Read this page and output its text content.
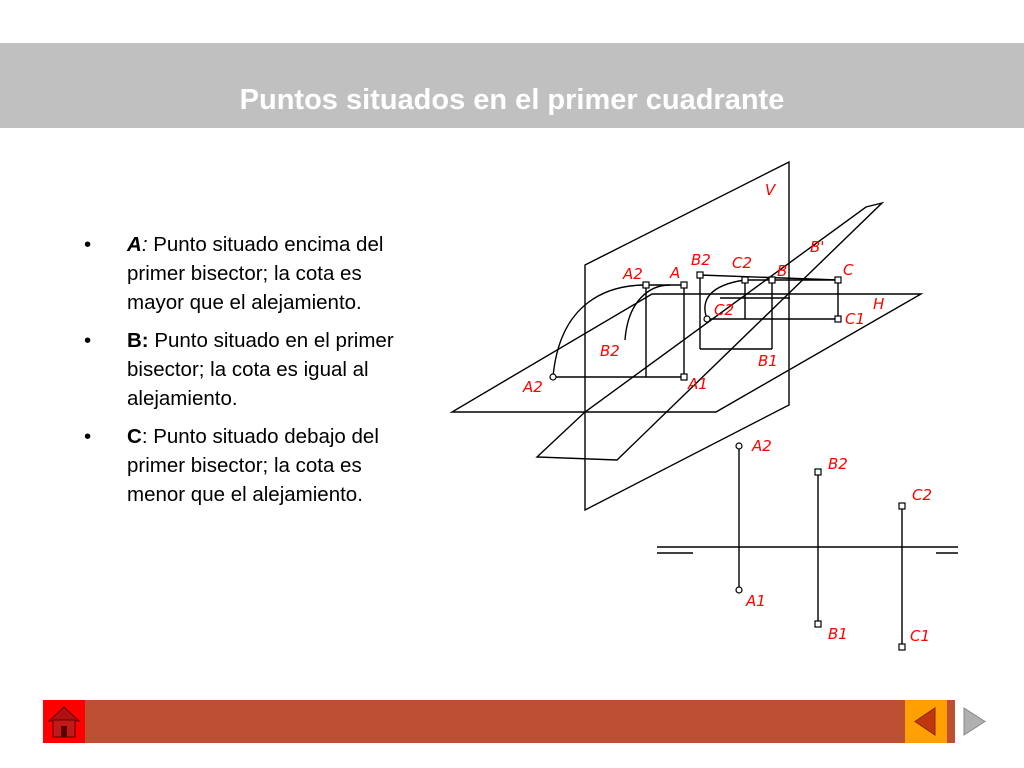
Puntos situados en el primer cuadrante
• A: Punto situado encima del primer bisector; la cota es mayor que el alejamiento.
• B: Punto situado en el primer bisector; la cota es igual al alejamiento.
• C: Punto situado debajo del primer bisector; la cota es menor que el alejamiento.
V
H
B'
A2 A
A1
A2
B2
B
B1
B2
C2	C
C1
C2
A2
A1
B2
B1
C2
C1
